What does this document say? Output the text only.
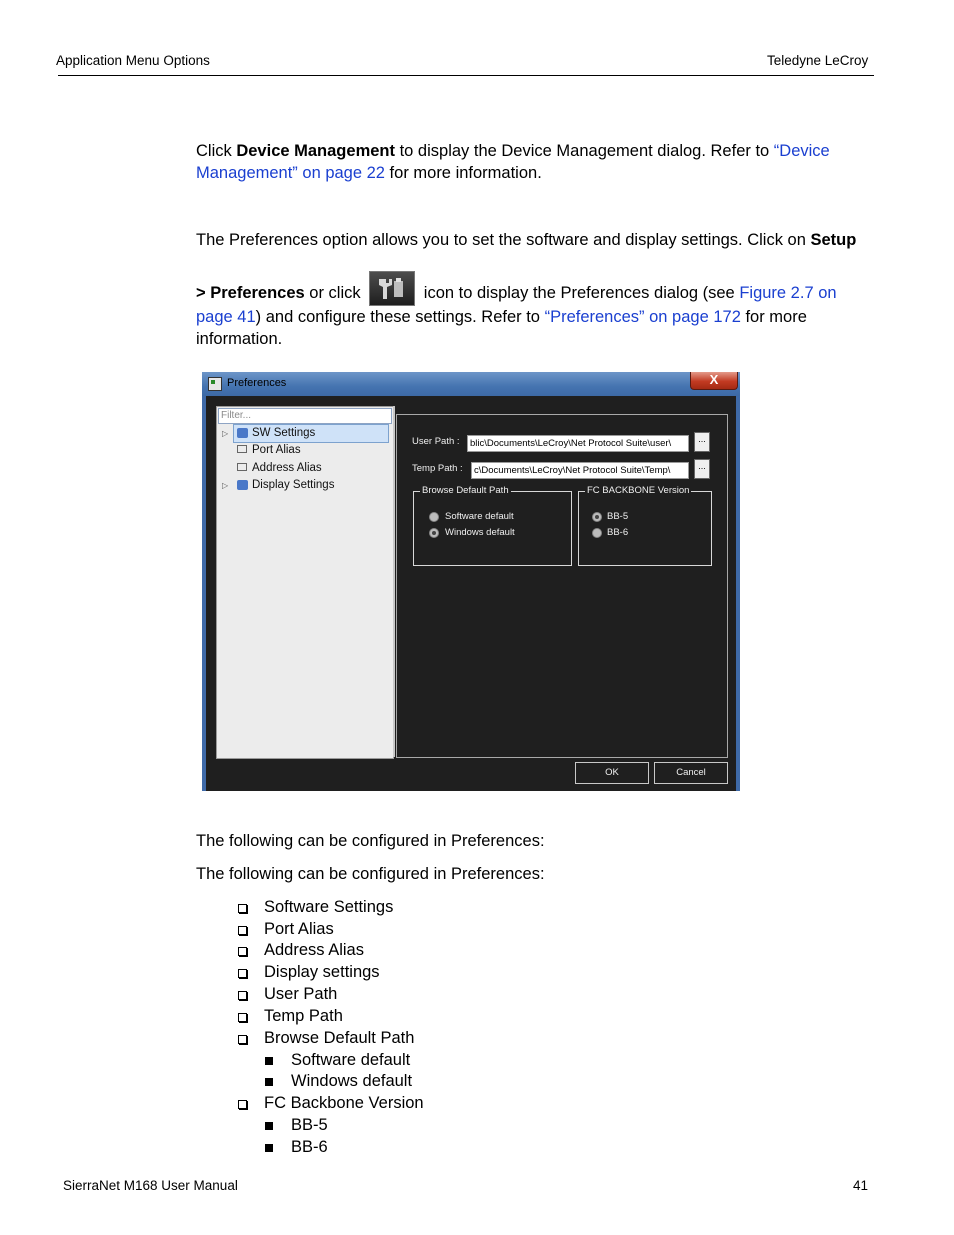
Application Menu Options	Teledyne LeCroy
Click Device Management to display the Device Management dialog. Refer to “Device Management” on page 22 for more information.
The Preferences option allows you to set the software and display settings. Click on Setup
> Preferences or click	icon to display the Preferences dialog (see Figure 2.7 on page 41) and configure these settings. Refer to “Preferences” on page 172 for more information.
Preferences	X
Filter...
▷ SW Settings
Port Alias
Address Alias
▷ Display Settings
User Path :	blic\Documents\LeCroy\Net Protocol Suite\user\	...
Temp Path :	c\Documents\LeCroy\Net Protocol Suite\Temp\	...
Browse Default Path
Software default
Windows default
FC BACKBONE Version
BB-5
BB-6
OK	Cancel
The following can be configured in Preferences:
The following can be configured in Preferences:
Software Settings
Port Alias
Address Alias
Display settings
User Path
Temp Path
Browse Default Path
Software default
Windows default
FC Backbone Version
BB-5
BB-6
SierraNet M168 User Manual	41
